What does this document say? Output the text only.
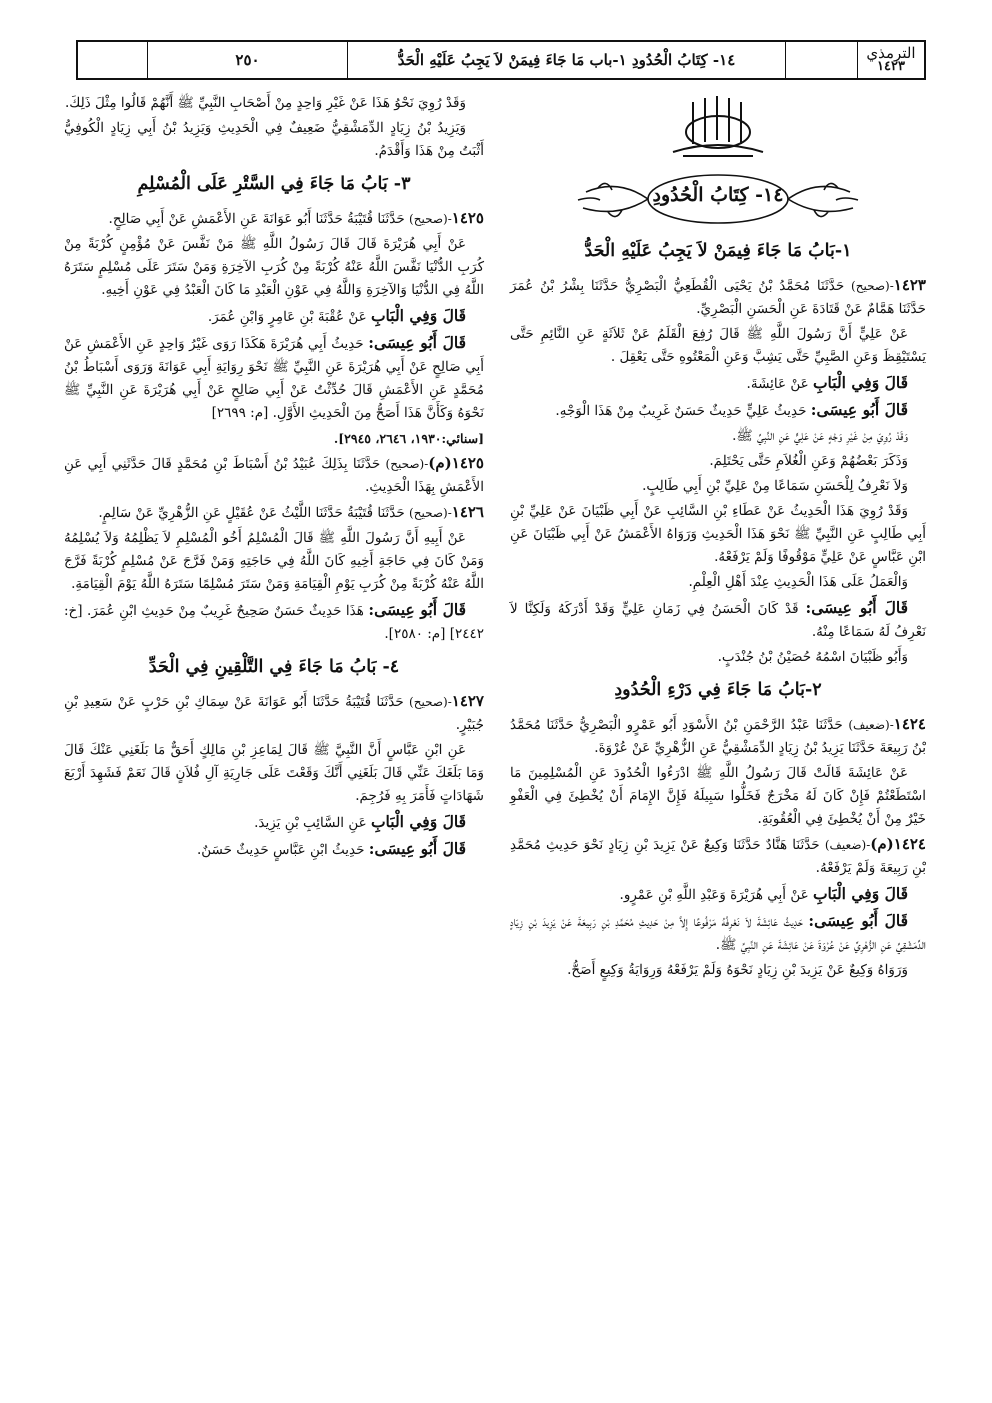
٢٥٠	١٤- كِتَابُ الْحُدُودِ ١-باب مَا جَاءَ فِيمَنْ لاَ يَجِبُ عَلَيْهِ الْحَدُّ	الترمذي
١٤٢٣
١٤- كِتَابُ الْحُدُودِ

١-بَابُ مَا جَاءَ فِيمَنْ لاَ يَجِبُ عَلَيْهِ الْحَدُّ

١٤٢٣-(صحيح) حَدَّثَنَا مُحَمَّدُ بْنُ يَحْيَى الْقُطَعِيُّ الْبَصْرِيُّ حَدَّثَنَا بِشْرُ بْنُ عُمَرَ حَدَّثَنَا هَمَّامٌ عَنْ قَتَادَةَ عَنِ الْحَسَنِ الْبَصْرِيِّ.

عَنْ عَلِيٍّ أَنَّ رَسُولَ اللَّهِ ﷺ قَالَ رُفِعَ الْقَلَمُ عَنْ ثَلاَثَةٍ عَنِ النَّائِمِ حَتَّى يَسْتَيْقِظَ وَعَنِ الصَّبِيِّ حَتَّى يَشِبَّ وَعَنِ الْمَعْتُوهِ حَتَّى يَعْقِلَ .

قَالَ وَفِي الْبَابِ عَنْ عَائِشَةَ.

قَالَ أَبُو عِيسَى: حَدِيثُ عَلِيٍّ حَدِيثٌ حَسَنٌ غَرِيبٌ مِنْ هَذَا الْوَجْهِ.

وَقَدْ رُوِيَ مِنْ غَيْرِ وَجْهٍ عَنْ عَلِيٍّ عَنِ النَّبِيِّ ﷺ.

وَذَكَرَ بَعْضُهُمْ وَعَنِ الْغُلاَمِ حَتَّى يَحْتَلِمَ.

وَلاَ نَعْرِفُ لِلْحَسَنِ سَمَاعًا مِنْ عَلِيِّ بْنِ أَبِي طَالِبٍ.

وَقَدْ رُوِيَ هَذَا الْحَدِيثُ عَنْ عَطَاءِ بْنِ السَّائِبِ عَنْ أَبِي ظَبْيَانَ عَنْ عَلِيِّ بْنِ أَبِي طَالِبٍ عَنِ النَّبِيِّ ﷺ نَحْوَ هَذَا الْحَدِيثِ وَرَوَاهُ الأَعْمَشُ عَنْ أَبِي ظَبْيَانَ عَنِ ابْنِ عَبَّاسٍ عَنْ عَلِيٍّ مَوْقُوفًا وَلَمْ يَرْفَعْهُ.

وَالْعَمَلُ عَلَى هَذَا الْحَدِيثِ عِنْدَ أَهْلِ الْعِلْمِ.

قَالَ أَبُو عِيسَى: قَدْ كَانَ الْحَسَنُ فِي زَمَانِ عَلِيٍّ وَقَدْ أَدْرَكَهُ وَلَكِنَّا لاَ نَعْرِفُ لَهُ سَمَاعًا مِنْهُ.

وَأَبُو ظَبْيَانَ اسْمُهُ حُصَيْنُ بْنُ جُنْدَبٍ.

٢-بَابُ مَا جَاءَ فِي دَرْءِ الْحُدُودِ

١٤٢٤-(ضعيف) حَدَّثَنَا عَبْدُ الرَّحْمَنِ بْنُ الأَسْوَدِ أَبُو عَمْرٍو الْبَصْرِيُّ حَدَّثَنَا مُحَمَّدُ بْنُ رَبِيعَةَ حَدَّثَنَا يَزِيدُ بْنُ زِيَادٍ الدِّمَشْقِيُّ عَنِ الزُّهْرِيِّ عَنْ عُرْوَةَ.

عَنْ عَائِشَةَ قَالَتْ قَالَ رَسُولُ اللَّهِ ﷺ ادْرَءُوا الْحُدُودَ عَنِ الْمُسْلِمِينَ مَا اسْتَطَعْتُمْ فَإِنْ كَانَ لَهُ مَخْرَجٌ فَخَلُّوا سَبِيلَهُ فَإِنَّ الإِمَامَ أَنْ يُخْطِئَ فِي الْعَفْوِ خَيْرٌ مِنْ أَنْ يُخْطِئَ فِي الْعُقُوبَةِ.

١٤٢٤(م)-(ضعيف) حَدَّثَنَا هَنَّادٌ حَدَّثَنَا وَكِيعٌ عَنْ يَزِيدَ بْنِ زِيَادٍ نَحْوَ حَدِيثِ مُحَمَّدِ بْنِ رَبِيعَةَ وَلَمْ يَرْفَعْهُ.

قَالَ وَفِي الْبَابِ عَنْ أَبِي هُرَيْرَةَ وَعَبْدِ اللَّهِ بْنِ عَمْرٍو.

قَالَ أَبُو عِيسَى: حَدِيثُ عَائِشَةَ لاَ نَعْرِفُهُ مَرْفُوعًا إِلاَّ مِنْ حَدِيثِ مُحَمَّدِ بْنِ رَبِيعَةَ عَنْ يَزِيدَ بْنِ زِيَادٍ الدِّمَشْقِيِّ عَنِ الزُّهْرِيِّ عَنْ عُرْوَةَ عَنْ عَائِشَةَ عَنِ النَّبِيِّ ﷺ.

وَرَوَاهُ وَكِيعٌ عَنْ يَزِيدَ بْنِ زِيَادٍ نَحْوَهُ وَلَمْ يَرْفَعْهُ وَرِوَايَةُ وَكِيعٍ أَصَحُّ.

وَقَدْ رُوِيَ نَحْوُ هَذَا عَنْ غَيْرِ وَاحِدٍ مِنْ أَصْحَابِ النَّبِيِّ ﷺ أَنَّهُمْ قَالُوا مِثْلَ ذَلِكَ.

وَيَزِيدُ بْنُ زِيَادٍ الدِّمَشْقِيُّ ضَعِيفٌ فِي الْحَدِيثِ وَيَزِيدُ بْنُ أَبِي زِيَادٍ الْكُوفِيُّ أَثْبَتُ مِنْ هَذَا وَأَقْدَمُ.

٣- بَابُ مَا جَاءَ فِي السَّتْرِ عَلَى الْمُسْلِمِ

١٤٢٥-(صحيح) حَدَّثَنَا قُتَيْبَةُ حَدَّثَنَا أَبُو عَوَانَةَ عَنِ الأَعْمَشِ عَنْ أَبِي صَالِحٍ.

عَنْ أَبِي هُرَيْرَةَ قَالَ قَالَ رَسُولُ اللَّهِ ﷺ مَنْ نَفَّسَ عَنْ مُؤْمِنٍ كُرْبَةً مِنْ كُرَبِ الدُّنْيَا نَفَّسَ اللَّهُ عَنْهُ كُرْبَةً مِنْ كُرَبِ الآخِرَةِ وَمَنْ سَتَرَ عَلَى مُسْلِمٍ سَتَرَهُ اللَّهُ فِي الدُّنْيَا وَالآخِرَةِ وَاللَّهُ فِي عَوْنِ الْعَبْدِ مَا كَانَ الْعَبْدُ فِي عَوْنِ أَخِيهِ.

قَالَ وَفِي الْبَابِ عَنْ عُقْبَةَ بْنِ عَامِرٍ وَابْنِ عُمَرَ.

قَالَ أَبُو عِيسَى: حَدِيثُ أَبِي هُرَيْرَةَ هَكَذَا رَوَى غَيْرُ وَاحِدٍ عَنِ الأَعْمَشِ عَنْ أَبِي صَالِحٍ عَنْ أَبِي هُرَيْرَةَ عَنِ النَّبِيِّ ﷺ نَحْوَ رِوَايَةِ أَبِي عَوَانَةَ وَرَوَى أَسْبَاطُ بْنُ مُحَمَّدٍ عَنِ الأَعْمَشِ قَالَ حُدِّثْتُ عَنْ أَبِي صَالِحٍ عَنْ أَبِي هُرَيْرَةَ عَنِ النَّبِيِّ ﷺ نَحْوَهُ وَكَأَنَّ هَذَا أَصَحُّ مِنَ الْحَدِيثِ الأَوَّلِ. [م: ٢٦٩٩]

[سنائي:١٩٣٠، ٢٦٤٦، ٢٩٤٥].

١٤٢٥(م)-(صحيح) حَدَّثَنَا بِذَلِكَ عُبَيْدُ بْنُ أَسْبَاطَ بْنِ مُحَمَّدٍ قَالَ حَدَّثَنِي أَبِي عَنِ الأَعْمَشِ بِهَذَا الْحَدِيثِ.

١٤٢٦-(صحيح) حَدَّثَنَا قُتَيْبَةُ حَدَّثَنَا اللَّيْثُ عَنْ عُقَيْلٍ عَنِ الزُّهْرِيِّ عَنْ سَالِمٍ.

عَنْ أَبِيهِ أَنَّ رَسُولَ اللَّهِ ﷺ قَالَ الْمُسْلِمُ أَخُو الْمُسْلِمِ لاَ يَظْلِمُهُ وَلاَ يُسْلِمُهُ وَمَنْ كَانَ فِي حَاجَةِ أَخِيهِ كَانَ اللَّهُ فِي حَاجَتِهِ وَمَنْ فَرَّجَ عَنْ مُسْلِمٍ كُرْبَةً فَرَّجَ اللَّهُ عَنْهُ كُرْبَةً مِنْ كُرَبِ يَوْمِ الْقِيَامَةِ وَمَنْ سَتَرَ مُسْلِمًا سَتَرَهُ اللَّهُ يَوْمَ الْقِيَامَةِ.

قَالَ أَبُو عِيسَى: هَذَا حَدِيثٌ حَسَنٌ صَحِيحٌ غَرِيبٌ مِنْ حَدِيثِ ابْنِ عُمَرَ. [خ: ٢٤٤٢] [م: ٢٥٨٠].

٤- بَابُ مَا جَاءَ فِي التَّلْقِينِ فِي الْحَدِّ

١٤٢٧-(صحيح) حَدَّثَنَا قُتَيْبَةُ حَدَّثَنَا أَبُو عَوَانَةَ عَنْ سِمَاكِ بْنِ حَرْبٍ عَنْ سَعِيدِ بْنِ جُبَيْرٍ.

عَنِ ابْنِ عَبَّاسٍ أَنَّ النَّبِيَّ ﷺ قَالَ لِمَاعِزِ بْنِ مَالِكٍ أَحَقٌّ مَا بَلَغَنِي عَنْكَ قَالَ وَمَا بَلَغَكَ عَنِّي قَالَ بَلَغَنِي أَنَّكَ وَقَعْتَ عَلَى جَارِيَةِ آلِ فُلاَنٍ قَالَ نَعَمْ فَشَهِدَ أَرْبَعَ شَهَادَاتٍ فَأَمَرَ بِهِ فَرُجِمَ.

قَالَ وَفِي الْبَابِ عَنِ السَّائِبِ بْنِ يَزِيدَ.

قَالَ أَبُو عِيسَى: حَدِيثُ ابْنِ عَبَّاسٍ حَدِيثٌ حَسَنٌ.
